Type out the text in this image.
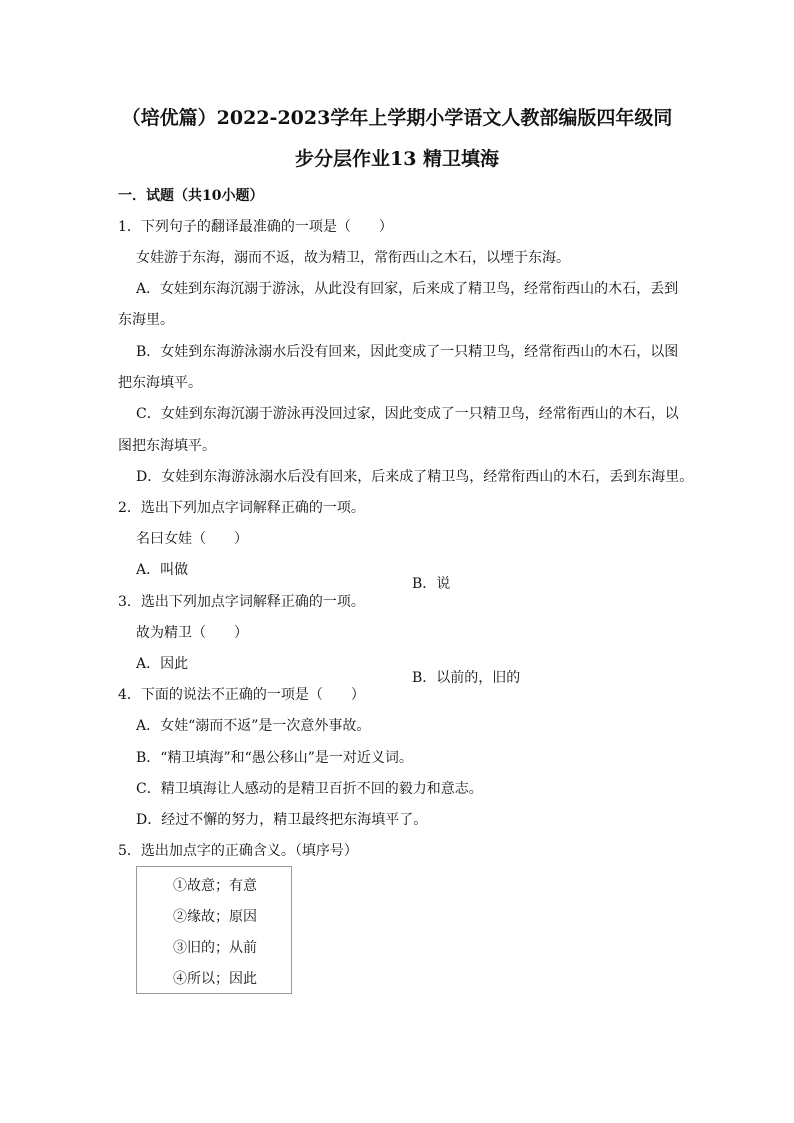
（培优篇）2022-2023学年上学期小学语文人教部编版四年级同
步分层作业13 精卫填海

一．试题（共10小题）

1．下列句子的翻译最准确的一项是（　　）

女娃游于东海，溺而不返，故为精卫，常衔西山之木石，以堙于东海。

A．女娃到东海沉溺于游泳，从此没有回家，后来成了精卫鸟，经常衔西山的木石，丢到

东海里。

B．女娃到东海游泳溺水后没有回来，因此变成了一只精卫鸟，经常衔西山的木石，以图

把东海填平。

C．女娃到东海沉溺于游泳再没回过家，因此变成了一只精卫鸟，经常衔西山的木石，以

图把东海填平。

D．女娃到东海游泳溺水后没有回来，后来成了精卫鸟，经常衔西山的木石，丢到东海里。

2．选出下列加点字词解释正确的一项。

名曰女娃（　　）

A．叫做

B．说

3．选出下列加点字词解释正确的一项。

故为精卫（　　）

A．因此

B．以前的，旧的

4．下面的说法不正确的一项是（　　）

A．女娃“溺而不返”是一次意外事故。

B．“精卫填海”和“愚公移山”是一对近义词。

C．精卫填海让人感动的是精卫百折不回的毅力和意志。

D．经过不懈的努力，精卫最终把东海填平了。

5．选出加点字的正确含义。（填序号）

①故意；有意
②缘故；原因
③旧的；从前
④所以；因此
